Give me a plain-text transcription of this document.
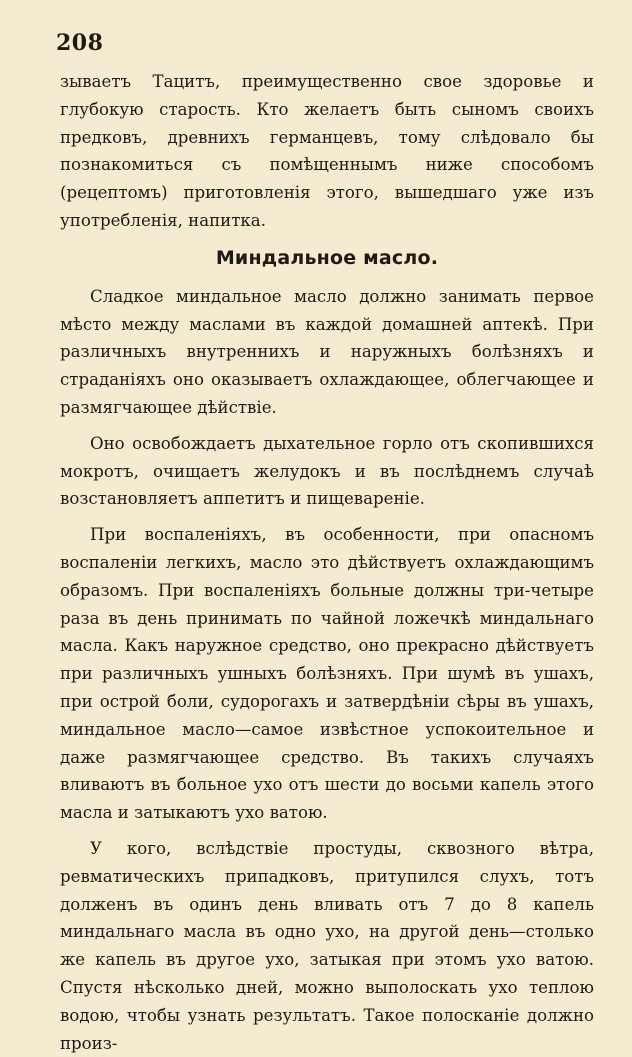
208

зываетъ Тацитъ, преимущественно свое здоровье и глубокую старость. Кто желаетъ быть сыномъ своихъ предковъ, древнихъ германцевъ, тому слѣдовало бы познакомиться съ помѣщеннымъ ниже способомъ (рецептомъ) приготовленія этого, вышедшаго уже изъ употребленія, напитка.

Миндальное масло.

Сладкое миндальное масло должно занимать первое мѣсто между маслами въ каждой домашней аптекѣ. При различныхъ внутреннихъ и наружныхъ болѣзняхъ и страданіяхъ оно оказываетъ охлаждающее, облегчающее и размягчающее дѣйствіе.

Оно освобождаетъ дыхательное горло отъ скопившихся мокротъ, очищаетъ желудокъ и въ послѣднемъ случаѣ возстановляетъ аппетитъ и пищевареніе.

При воспаленіяхъ, въ особенности, при опасномъ воспаленіи легкихъ, масло это дѣйствуетъ охлаждающимъ образомъ. При воспаленіяхъ больные должны три-четыре раза въ день принимать по чайной ложечкѣ миндальнаго масла. Какъ наружное средство, оно прекрасно дѣйствуетъ при различныхъ ушныхъ болѣзняхъ. При шумѣ въ ушахъ, при острой боли, судорогахъ и затвердѣніи сѣры въ ушахъ, миндальное масло—самое извѣстное успокоительное и даже размягчающее средство. Въ такихъ случаяхъ вливаютъ въ больное ухо отъ шести до восьми капель этого масла и затыкаютъ ухо ватою.

У кого, вслѣдствіе простуды, сквозного вѣтра, ревматическихъ припадковъ, притупился слухъ, тотъ долженъ въ одинъ день вливать отъ 7 до 8 капель миндальнаго масла въ одно ухо, на другой день—столько же капель въ другое ухо, затыкая при этомъ ухо ватою. Спустя нѣсколько дней, можно выполоскать ухо теплою водою, чтобы узнать результатъ. Такое полосканіе должно произ-
